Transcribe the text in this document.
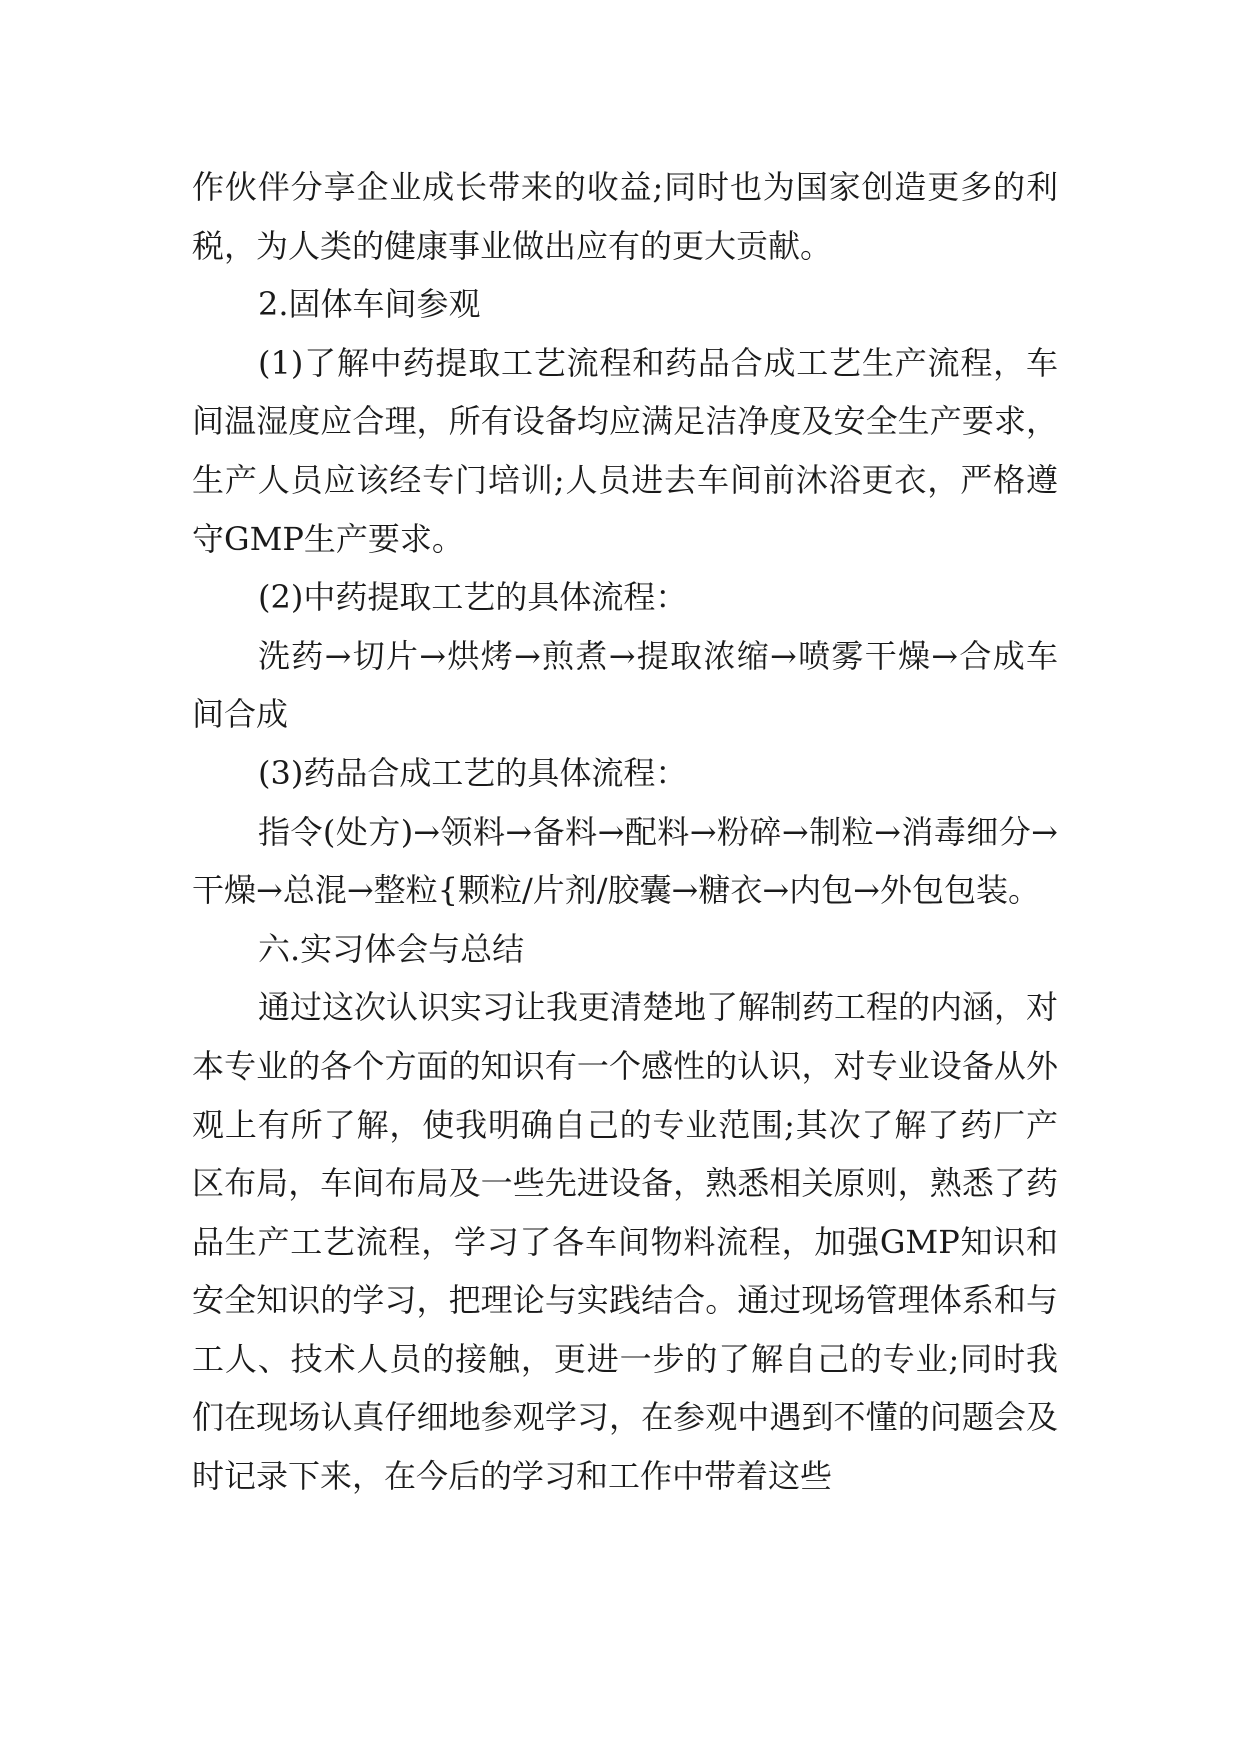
作伙伴分享企业成长带来的收益;同时也为国家创造更多的利税，为人类的健康事业做出应有的更大贡献。

2.固体车间参观

(1)了解中药提取工艺流程和药品合成工艺生产流程，车间温湿度应合理，所有设备均应满足洁净度及安全生产要求，生产人员应该经专门培训;人员进去车间前沐浴更衣，严格遵守GMP生产要求。

(2)中药提取工艺的具体流程：

洗药→切片→烘烤→煎煮→提取浓缩→喷雾干燥→合成车间合成

(3)药品合成工艺的具体流程：

指令(处方)→领料→备料→配料→粉碎→制粒→消毒细分→干燥→总混→整粒{颗粒/片剂/胶囊→糖衣→内包→外包包装。

六.实习体会与总结

通过这次认识实习让我更清楚地了解制药工程的内涵，对本专业的各个方面的知识有一个感性的认识，对专业设备从外观上有所了解，使我明确自己的专业范围;其次了解了药厂产区布局，车间布局及一些先进设备，熟悉相关原则，熟悉了药品生产工艺流程，学习了各车间物料流程，加强GMP知识和安全知识的学习，把理论与实践结合。通过现场管理体系和与工人、技术人员的接触，更进一步的了解自己的专业;同时我们在现场认真仔细地参观学习，在参观中遇到不懂的问题会及时记录下来，在今后的学习和工作中带着这些
